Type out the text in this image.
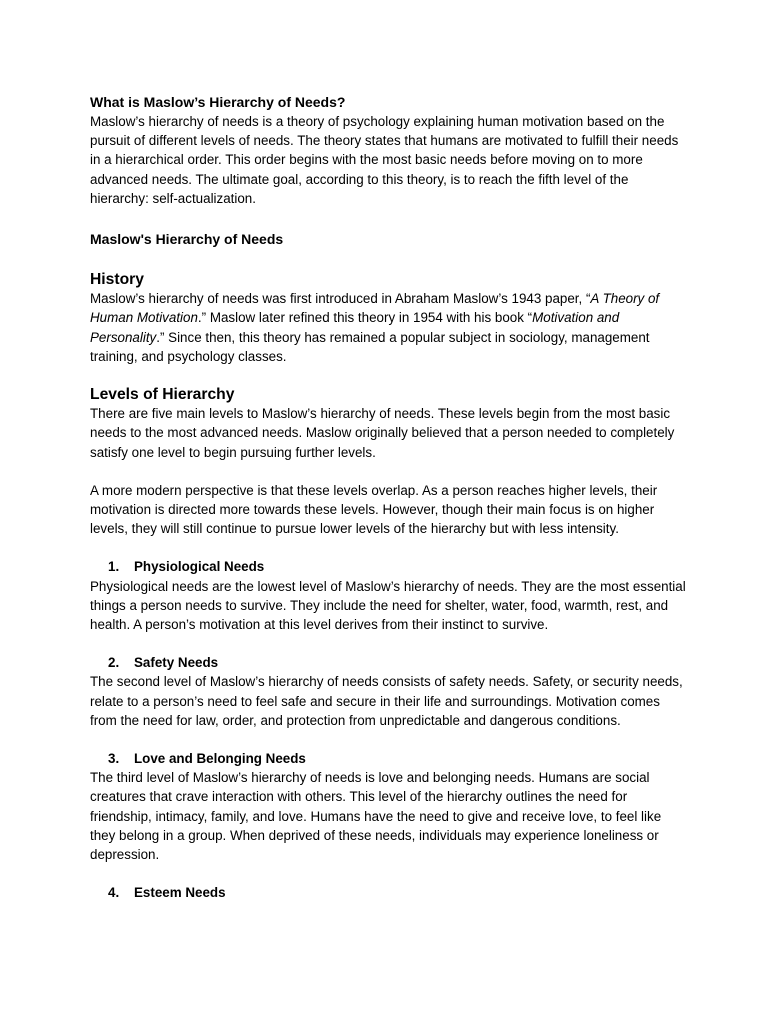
What is Maslow’s Hierarchy of Needs?

Maslow’s hierarchy of needs is a theory of psychology explaining human motivation based on the pursuit of different levels of needs. The theory states that humans are motivated to fulfill their needs in a hierarchical order. This order begins with the most basic needs before moving on to more advanced needs. The ultimate goal, according to this theory, is to reach the fifth level of the hierarchy: self-actualization.

Maslow's Hierarchy of Needs
History

Maslow’s hierarchy of needs was first introduced in Abraham Maslow’s 1943 paper, “A Theory of Human Motivation.” Maslow later refined this theory in 1954 with his book “Motivation and Personality.” Since then, this theory has remained a popular subject in sociology, management training, and psychology classes.

Levels of Hierarchy

There are five main levels to Maslow’s hierarchy of needs. These levels begin from the most basic needs to the most advanced needs. Maslow originally believed that a person needed to completely satisfy one level to begin pursuing further levels.

A more modern perspective is that these levels overlap. As a person reaches higher levels, their motivation is directed more towards these levels. However, though their main focus is on higher levels, they will still continue to pursue lower levels of the hierarchy but with less intensity.

1. Physiological Needs

Physiological needs are the lowest level of Maslow’s hierarchy of needs. They are the most essential things a person needs to survive. They include the need for shelter, water, food, warmth, rest, and health. A person’s motivation at this level derives from their instinct to survive.

2. Safety Needs

The second level of Maslow’s hierarchy of needs consists of safety needs. Safety, or security needs, relate to a person’s need to feel safe and secure in their life and surroundings. Motivation comes from the need for law, order, and protection from unpredictable and dangerous conditions.

3. Love and Belonging Needs

The third level of Maslow’s hierarchy of needs is love and belonging needs. Humans are social creatures that crave interaction with others. This level of the hierarchy outlines the need for friendship, intimacy, family, and love. Humans have the need to give and receive love, to feel like they belong in a group. When deprived of these needs, individuals may experience loneliness or depression.

4. Esteem Needs
